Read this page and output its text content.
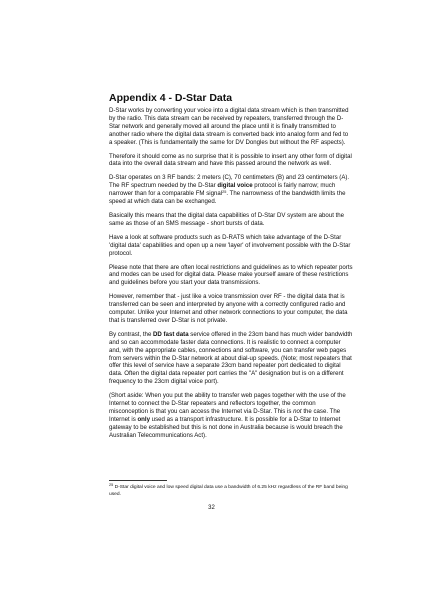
Appendix 4 - D-Star Data

D-Star works by converting your voice into a digital data stream which is then transmitted by the radio. This data stream can be received by repeaters, transferred through the D-Star network and generally moved all around the place until it is finally transmitted to another radio where the digital data stream is converted back into analog form and fed to a speaker. (This is fundamentally the same for DV Dongles but without the RF aspects).

Therefore it should come as no surprise that it is possible to insert any other form of digital data into the overall data stream and have this passed around the network as well.

D-Star operates on 3 RF bands: 2 meters (C), 70 centimeters (B) and 23 centimeters (A). The RF spectrum needed by the D-Star digital voice protocol is fairly narrow; much narrower than for a comparable FM signal$^{25}$. The narrowness of the bandwidth limits the speed at which data can be exchanged.

Basically this means that the digital data capabilities of D-Star DV system are about the same as those of an SMS message - short bursts of data.

Have a look at software products such as D-RATS which take advantage of the D-Star 'digital data' capabilities and open up a new 'layer' of involvement possible with the D-Star protocol.

Please note that there are often local restrictions and guidelines as to which repeater ports and modes can be used for digital data. Please make yourself aware of these restrictions and guidelines before you start your data transmissions.

However, remember that - just like a voice transmission over RF - the digital data that is transferred can be seen and interpreted by anyone with a correctly configured radio and computer. Unlike your Internet and other network connections to your computer, the data that is transferred over D-Star is not private.

By contrast, the DD fast data service offered in the 23cm band has much wider bandwidth and so can accommodate faster data connections. It is realistic to connect a computer and, with the appropriate cables, connections and software, you can transfer web pages from servers within the D-Star network at about dial-up speeds. (Note; most repeaters that offer this level of service have a separate 23cm band repeater port dedicated to digital data. Often the digital data repeater port carries the "A" designation but is on a different frequency to the 23cm digital voice port).

(Short aside: When you put the ability to transfer web pages together with the use of the Internet to connect the D-Star repeaters and reflectors together, the common misconception is that you can access the Internet via D-Star. This is not the case. The Internet is only used as a transport infrastructure. It is possible for a D-Star to Internet gateway to be established but this is not done in Australia because is would breach the Australian Telecommunications Act).

$^{25}$ D-Star digital voice and low speed digital data use a bandwidth of 6.25 kHz regardless of the RF band being used.
32
